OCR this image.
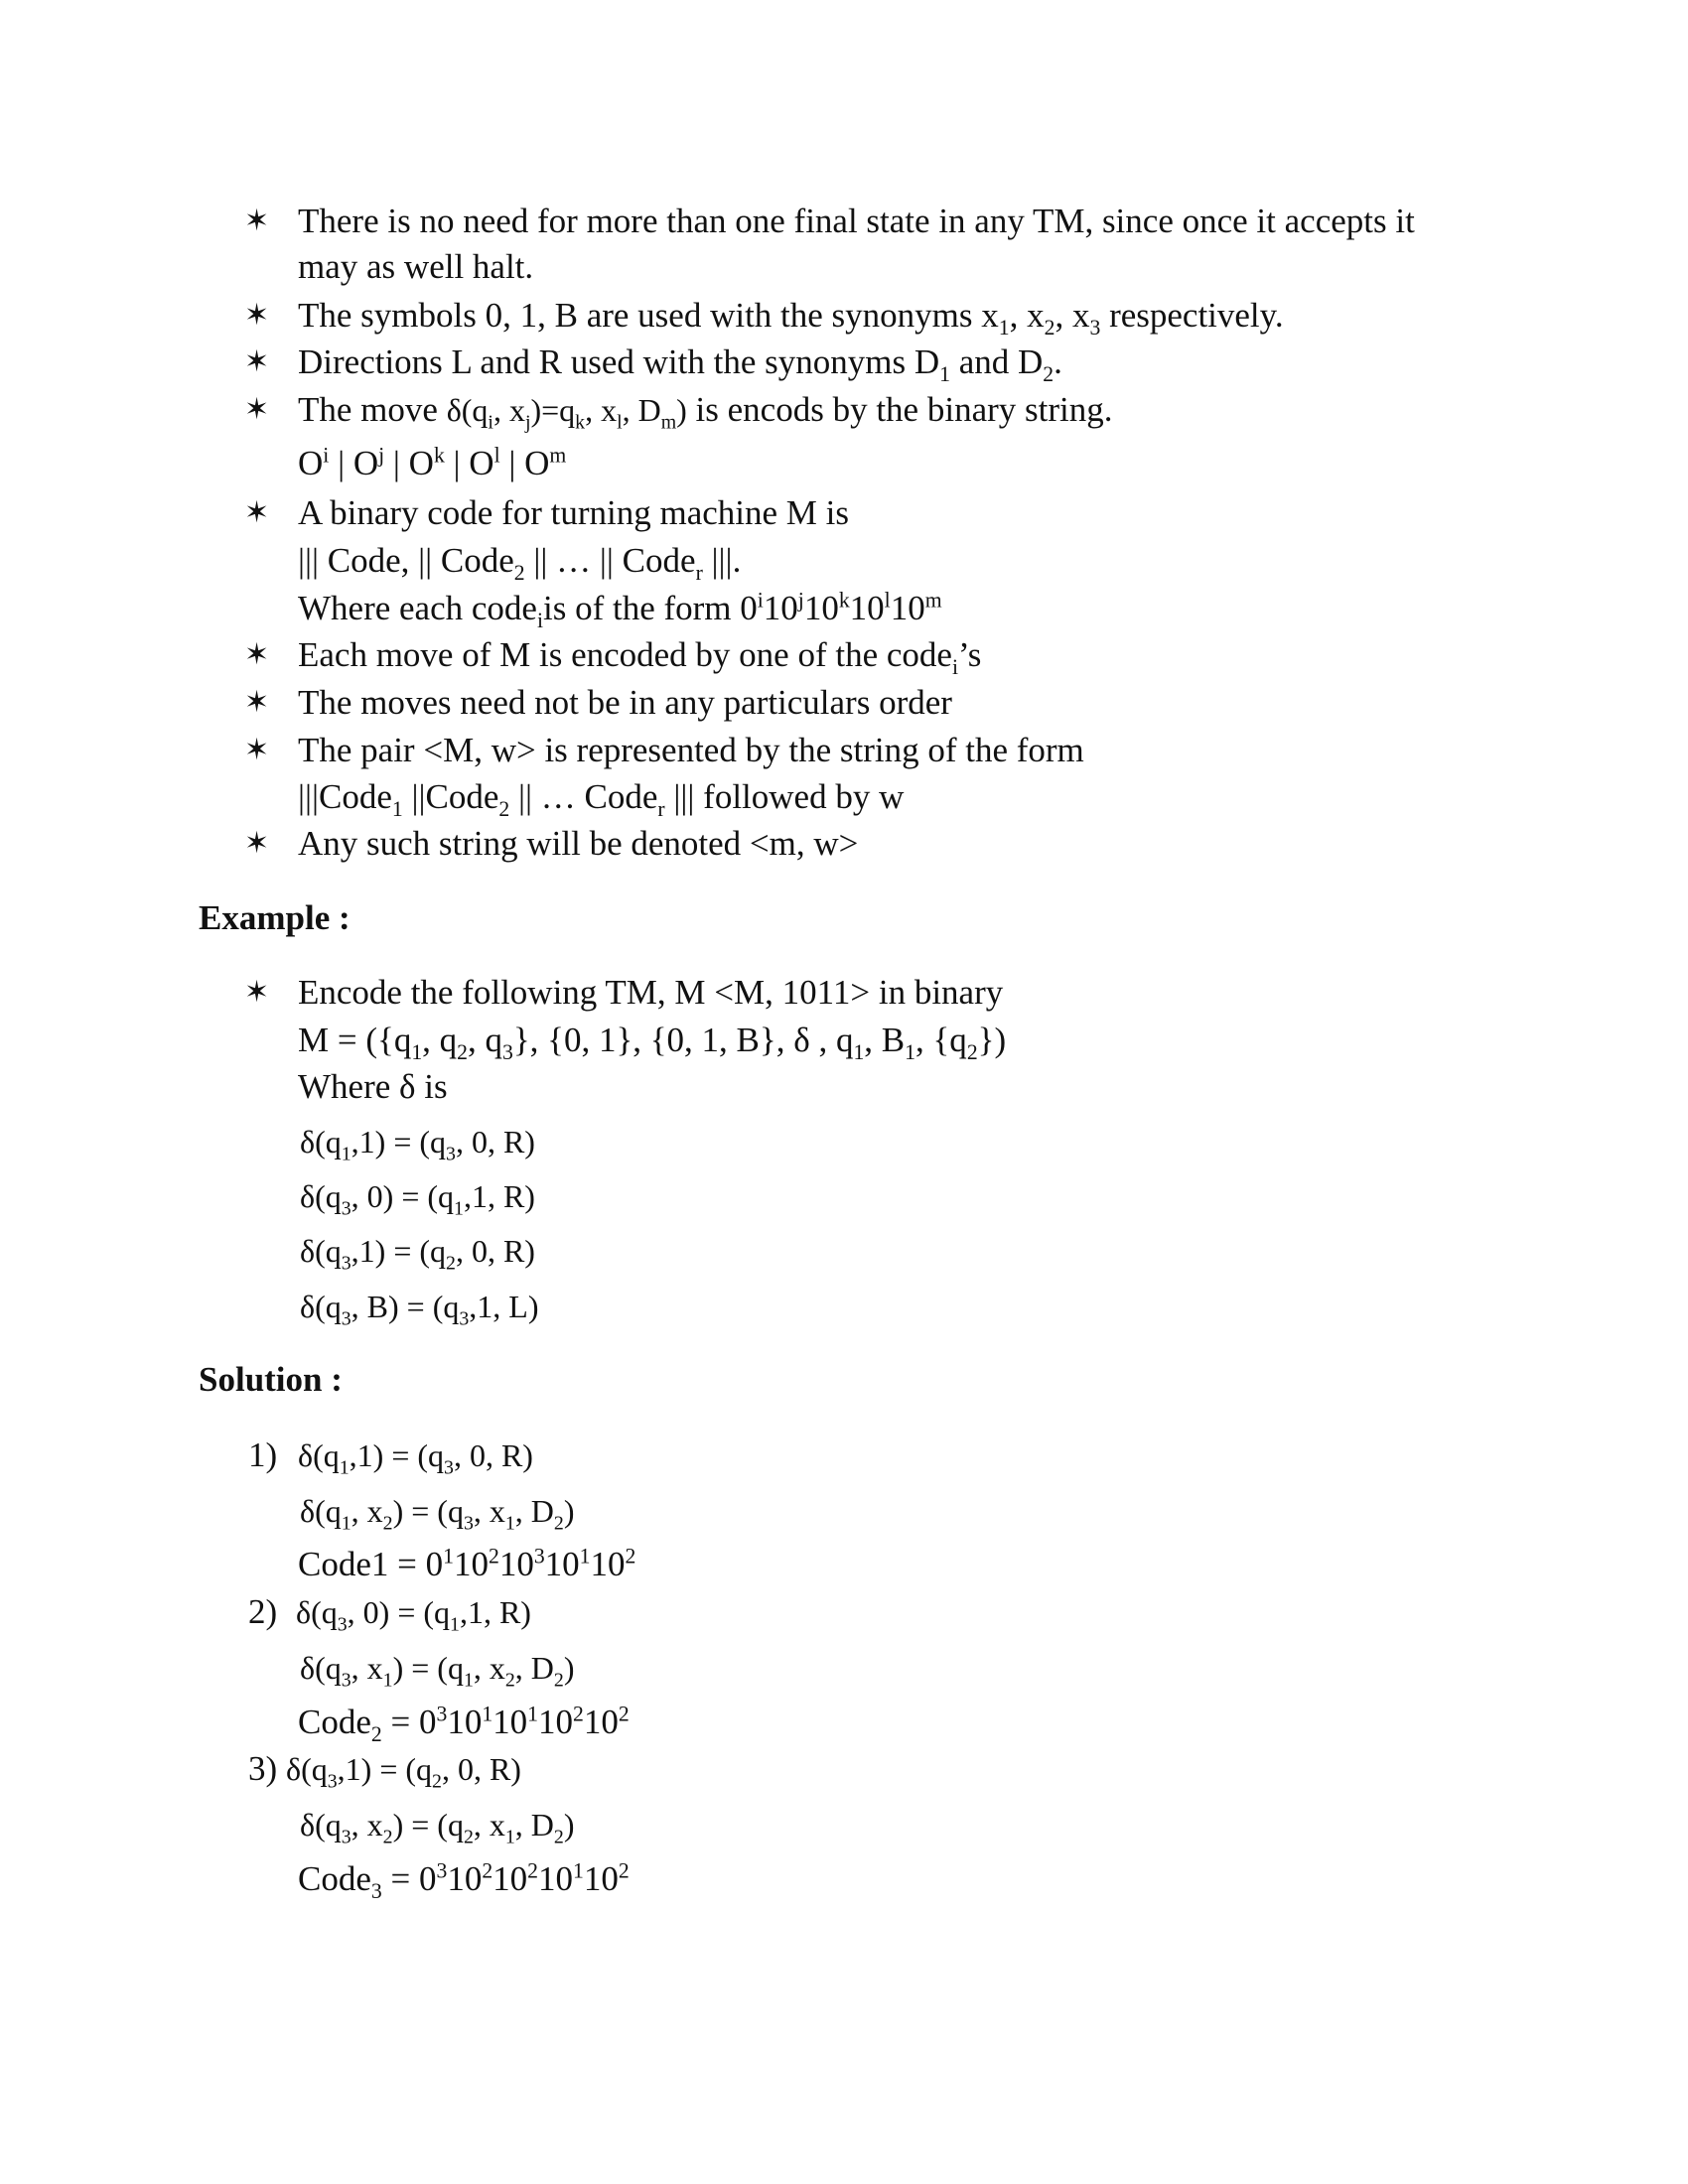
✶ There is no need for more than one final state in any TM, since once it accepts it
may as well halt.
✶ The symbols 0, 1, B are used with the synonyms $x_1$, $x_2$, $x_3$ respectively.
✶ Directions L and R used with the synonyms $D_1$ and $D_2$.
✶ The move $\delta(q_i$, $x_j)=q_k$, $x_l$, $D_m$) is encods by the binary string.
$O^i$ | $O^j$ | $O^k$ | $O^l$ | $O^m$
✶ A binary code for turning machine M is
||| Code, || Code$_2$ || … || Code$_r$ |||.
Where each code$_i$is of the form 0$^i$10$^j$10$^k$10$^l$10$^m$
✶ Each move of M is encoded by one of the code$_i$’s
✶ The moves need not be in any particulars order
✶ The pair <M, w> is represented by the string of the form
|||Code$_1$ ||Code$_2$ || … Code$_r$ ||| followed by w
✶ Any such string will be denoted <m, w>
Example :
✶ Encode the following TM, M <M, 1011> in binary
$M = (\{q_1$, $q_2$, $q_3$}, {0, 1}, {0, 1, B}, δ , $q_1$, $B_1$, $\{q_2\}$)
Where δ is
$\delta(q_1,1) = (q_3$, 0, R)
$\delta(q_3$, $0) = (q_1,1$, R)
$\delta(q_3,1) = (q_2$, 0, R)
$\delta(q_3$, $B) = (q_3,1$, L)
Solution :
1) $\delta(q_1,1) = (q_3$, 0, R)
$\delta(q_1$, $x_2) = (q_3$, $x_1$, $D_2$)
Code1 = $0^110^210^310^110^2$
2) $\delta(q_3$, $0) = (q_1,1$, R)
$\delta(q_3$, $x_1) = (q_1$, $x_2$, $D_2$)
Code$_2$ = $0^310^110^110^210^2$
3) $\delta(q_3,1) = (q_2$, 0, R)
$\delta(q_3$, $x_2) = (q_2$, $x_1$, $D_2$)
Code$_3$ = $0^310^210^210^110^2$
